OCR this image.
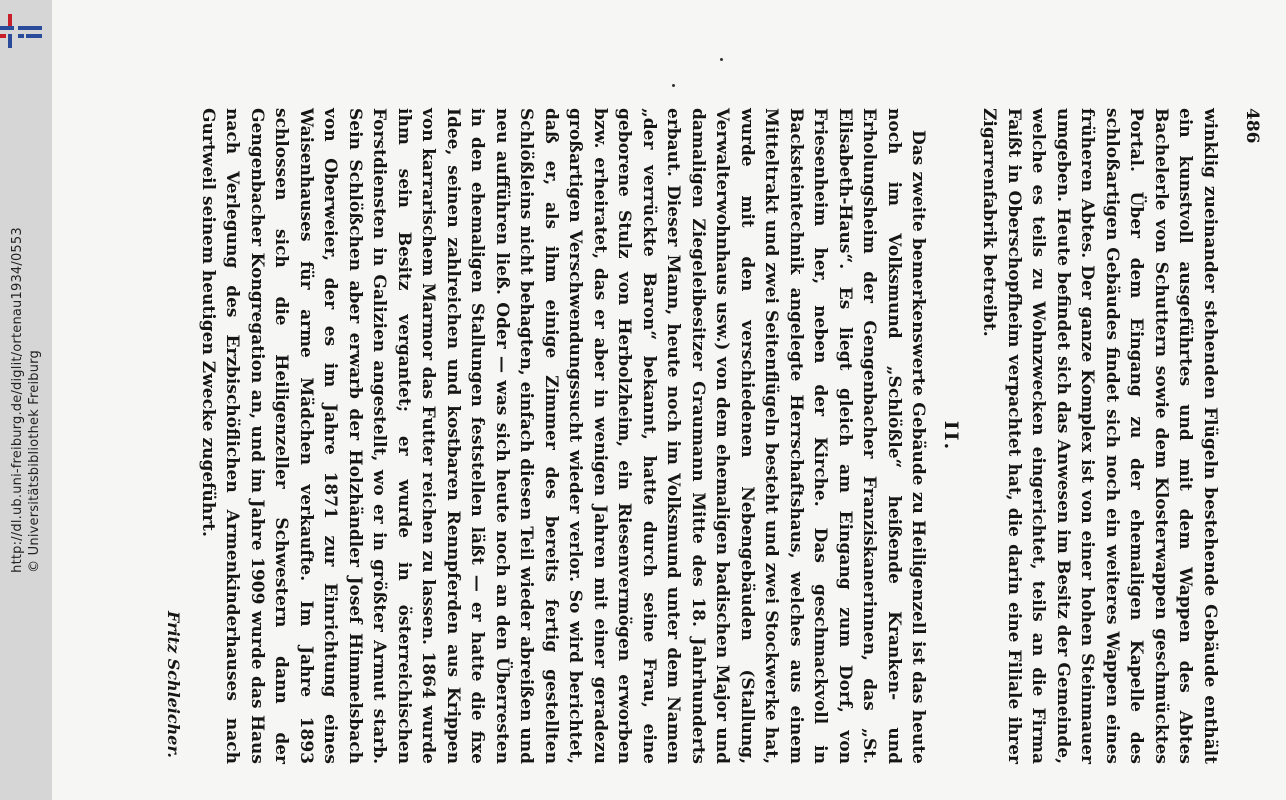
http://dl.ub.uni-freiburg.de/diglit/ortenau1934/0553 © Universitätsbibliothek Freiburg
486

winklig zueinander stehenden Flügeln bestehende Gebäude enthält ein kunstvoll ausgeführtes und mit dem Wappen des Abtes Bachelerle von Schuttern sowie dem Klosterwappen geschmücktes Portal. Über dem Eingang zu der ehemaligen Kapelle des schloßartigen Gebäudes findet sich noch ein weiteres Wappen eines früheren Abtes. Der ganze Komplex ist von einer hohen Steinmauer umgeben. Heute befindet sich das Anwesen im Besitz der Gemeinde, welche es teils zu Wohnzwecken eingerichtet, teils an die Firma Faißt in Oberschopfheim verpachtet hat, die darin eine Filiale ihrer Zigarrenfabrik betreibt.

II.

Das zweite bemerkenswerte Gebäude zu Heiligenzell ist das heute noch im Volksmund „Schlößle“ heißende Kranken- und Erholungsheim der Gengenbacher Franziskanerinnen, das „St. Elisabeth-Haus“. Es liegt gleich am Eingang zum Dorf, von Friesenheim her, neben der Kirche. Das geschmackvoll in Backsteintechnik angelegte Herrschaftshaus, welches aus einem Mitteltrakt und zwei Seitenflügeln besteht und zwei Stockwerke hat, wurde mit den verschiedenen Nebengebäuden (Stallung, Verwalterwohnhaus usw.) von dem ehemaligen badischen Major und damaligen Ziegeleibesitzer Graumann Mitte des 18. Jahrhunderts erbaut. Dieser Mann, heute noch im Volksmund unter dem Namen „der verrückte Baron“ bekannt, hatte durch seine Frau, eine geborene Stulz von Herbolzheim, ein Riesenvermögen erworben bzw. erheiratet, das er aber in wenigen Jahren mit einer geradezu großartigen Verschwendungssucht wieder verlor. So wird berichtet, daß er, als ihm einige Zimmer des bereits fertig gestellten Schlößleins nicht behagten, einfach diesen Teil wieder abreißen und neu aufführen ließ. Oder — was sich heute noch an den Überresten in den ehemaligen Stallungen feststellen läßt — er hatte die fixe Idee, seinen zahlreichen und kostbaren Rennpferden aus Krippen von karrarischem Marmor das Futter reichen zu lassen. 1864 wurde ihm sein Besitz vergantet; er wurde in österreichischen Forstdiensten in Galizien angestellt, wo er in größter Armut starb. Sein Schlößchen aber erwarb der Holzhändler Josef Himmelsbach von Oberweier, der es im Jahre 1871 zur Einrichtung eines Waisenhauses für arme Mädchen verkaufte. Im Jahre 1893 schlossen sich die Heiligenzeller Schwestern dann der Gengenbacher Kongregation an, und im Jahre 1909 wurde das Haus nach Verlegung des Erzbischöflichen Armenkinderhauses nach Gurtweil seinem heutigen Zwecke zugeführt.

Fritz Schleicher.
